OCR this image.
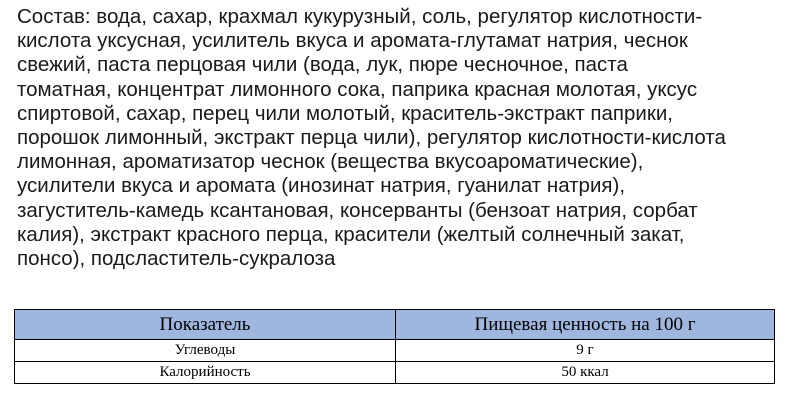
Состав: вода, сахар, крахмал кукурузный, соль, регулятор кислотности-
кислота уксусная, усилитель вкуса и аромата-глутамат натрия, чеснок
свежий, паста перцовая чили (вода, лук, пюре чесночное, паста
томатная, концентрат лимонного сока, паприка красная молотая, уксус
спиртовой, сахар, перец чили молотый, краситель-экстракт паприки,
порошок лимонный, экстракт перца чили), регулятор кислотности-кислота
лимонная, ароматизатор чеснок (вещества вкусоароматические),
усилители вкуса и аромата (инозинат натрия, гуанилат натрия),
загуститель-камедь ксантановая, консерванты (бензоат натрия, сорбат
калия), экстракт красного перца, красители (желтый солнечный закат,
понсо), подсластитель-сукралоза
Показатель	Пищевая ценность на 100 г
Углеводы	9 г
Калорийность	50 ккал
